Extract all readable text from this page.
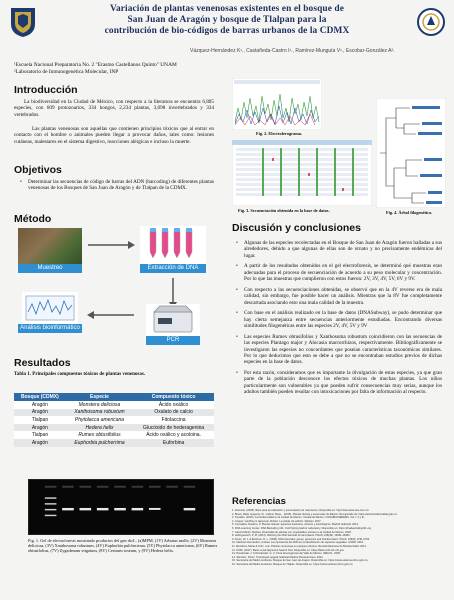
Variación de plantas venenosas existentes en el bosque de
San Juan de Aragón y bosque de Tlalpan para la
contribución de bio-códigos de barras urbanos de la CDMX
Vázquez-Hernández K¹., Castañeda-Castro I¹., Ramírez-Munguía V¹., Escobar-González A².
¹Escuela Nacional Preparatoria No. 2 "Erasmo Castellanos Quinto" UNAM
²Laboratorio de Inmunogenética Molecular, INP
Introducción
La biodiversidad en la Ciudad de México, con respecto a la literatura se encuentra 6,805 especies, con 609 protozoarios, 334 hongos, 2,234 plantas, 3,098 invertebrados y 334 vertebrados.
Las plantas venenosas son aquellas que contienen principios tóxicos que al entrar en contacto con el hombre o animales pueden llegar a provocar daños, tales como: lesiones cutáneas, malestares en el sistema digestivo, reacciones alérgicas e incluso la muerte.
Objetivos
• Determinar las secuencias de código de barras del ADN (barcoding) de diferentes plantas venenosas de los Bosques de San Juan de Aragón y de Tlalpan de la CDMX.
Método
Muestreo	Extracción de DNA
Análisis bioinformático
PCR
Resultados
Tabla 1. Principales compuestos tóxicos de plantas venenosas.
Bosque (CDMX)	Especie	Compuesto tóxico
Aragón	Monstera deliciosa	Ácido oxálico
Aragón	Xanthosoma robustum	Oxalato de calcio
Tlalpan	Phytolacca americana	Fitolaccina
Aragón	Hedera helix	Glucósido de hederagenina
Tlalpan	Rumex obtusifolius	Ácido oxálico y acoloina.
Aragón	Euphorbia pulcherrima	Euforbina
Fig. 1. Gel de electroforesis mostrando productos del gen rbcL. (a)MPM, (1V) Arbutus molle, (2V) Monstera deliciosa, (3V) Xanthosoma robustum, (4V) Euphorbia pulcherrima, (5V) Phytolacca americana, (6V) Rumex obtusifolius, (7V) Zygadenum virgatum, (8V) Cestrum roseum, y (9V) Hedera helix.
Fig. 2. Electroferograma.
Fig. 3. Secuenciación obtenida en la base de datos.	Fig. 4. Árbol filogenético.
Discusión y conclusiones
• Algunas de las especies recolectadas en el Bosque de San Juan de Aragón fueron halladas a sus alrededores, debido a que algunas de ellas son de ornato y no precisamente endémicas del lugar.
• A partir de los resultados obtenidos en el gel electroforesis, se determinó qué muestras eran adecuadas para el proceso de secuenciación de acuerdo a su peso molecular y concentración. Por lo que las muestras que cumplieron con estos fueron: 2V, 3V, 4V, 5V, 6V y 9V.
• Con respecto a las secuenciaciones obtenidas, se observó que en la 4V reverse era de mala calidad, sin embargo, fue posible hacer un análisis. Mientras que la 8V fue completamente descartada asociando esto una mala calidad de la muestra.
• Con base en el análisis realizado en la base de datos (DNASubway), se pudo determinar que hay cierta semejanza entre secuencias anteriormente estudiadas. Encontrando diversas similitudes filogenéticas entre las especies 2V, 4V, 5V y 9V
• Las especies Rumex obtusifolius y Xanthosoma robustum coincidieron con las secuencias de las especies Plantago major y Alocasia macrorrhizos, respectivamente. Bibliográficamente se investigaron las especies no concordantes que poseían características taxonómicas similares. Por lo que deducimos que esto se debe a que no se encontraban estudios previos de dichas especies en la base de datos.
• Por esta razón, consideramos que es importante la divulgación de estas especies, ya que gran parte de la población desconoce los efectos tóxicos de muchas plantas. Los niños particularmente son vulnerables ya que pueden sufrir consecuencias muy serias, aunque los adultos también pueden resultar con intoxicaciones por falta de información al respecto.
Referencias
1. Artemisa. (2008). Base para la realización y presentación de resúmenes, Disponible en: http://www.artemisa.com.mx
2. Braun, Bello, Eugenia, M., Cabral, Rosa... (2015). Plantas tóxicas y venenosas de México. Recuperado de: https://www.biodiversidad.gob.mx
3. Conabio. (2016). La biodiversidad en la Ciudad de México. Ciudad de México: CONABIO/SEDEMA. Vol. I, II y III.
4. Cooper, Geoffrey & Hausman, Robert. La célula, 6a edición. Marban. 2017.
5. Cremades, Navarro, P. Plantas tóxicas: aspectos botánicos, clínicos y toxicológicos. Madrid: Editorial. 2013.
6. DNA Learning Center. DNA Barcoding 101. Cold Spring Harbor Laboratory. Disponible en: https://dnabarcoding101.org
7. García Martín, Mariela. Diversidad de plantas con propiedades tóxicas en la Ciudad de México. 2018.
8. Hollingsworth, P. M. (2011). Refining the DNA barcode for land plants. PNAS, 108(49), 19451-19452.
9. Kress, W. J. & Erickson, D. L. (2008). DNA barcodes: genes, genomics and bioinformatics. PNAS, 105(8), 2761-2762.
10. Martínez-Hernández, Andrea. La importancia del ADN en la identificación de especies vegetales. UNAM. 2016.
11. Mendoza, María & Ortiz, Luis. Plantas venenosas en parques urbanos. Revista Mexicana de Biodiversidad. 2014.
12. NCBI. (2017). Basic Local Alignment Search Tool. Disponible en: https://blast.ncbi.nlm.nih.gov
13. Rzedowski, J. & Rzedowski, G. C. Flora fanerogámica del Valle de México. INECOL. 2005.
14. Sánchez, Pérez. Toxicología vegetal. Editorial Médica Panamericana. 2012.
15. Secretaría del Medio Ambiente. Bosque de San Juan de Aragón. Disponible en: https://www.sedema.cdmx.gob.mx
16. Secretaría del Medio Ambiente. Bosque de Tlalpan. Disponible en: https://www.sedema.cdmx.gob.mx
